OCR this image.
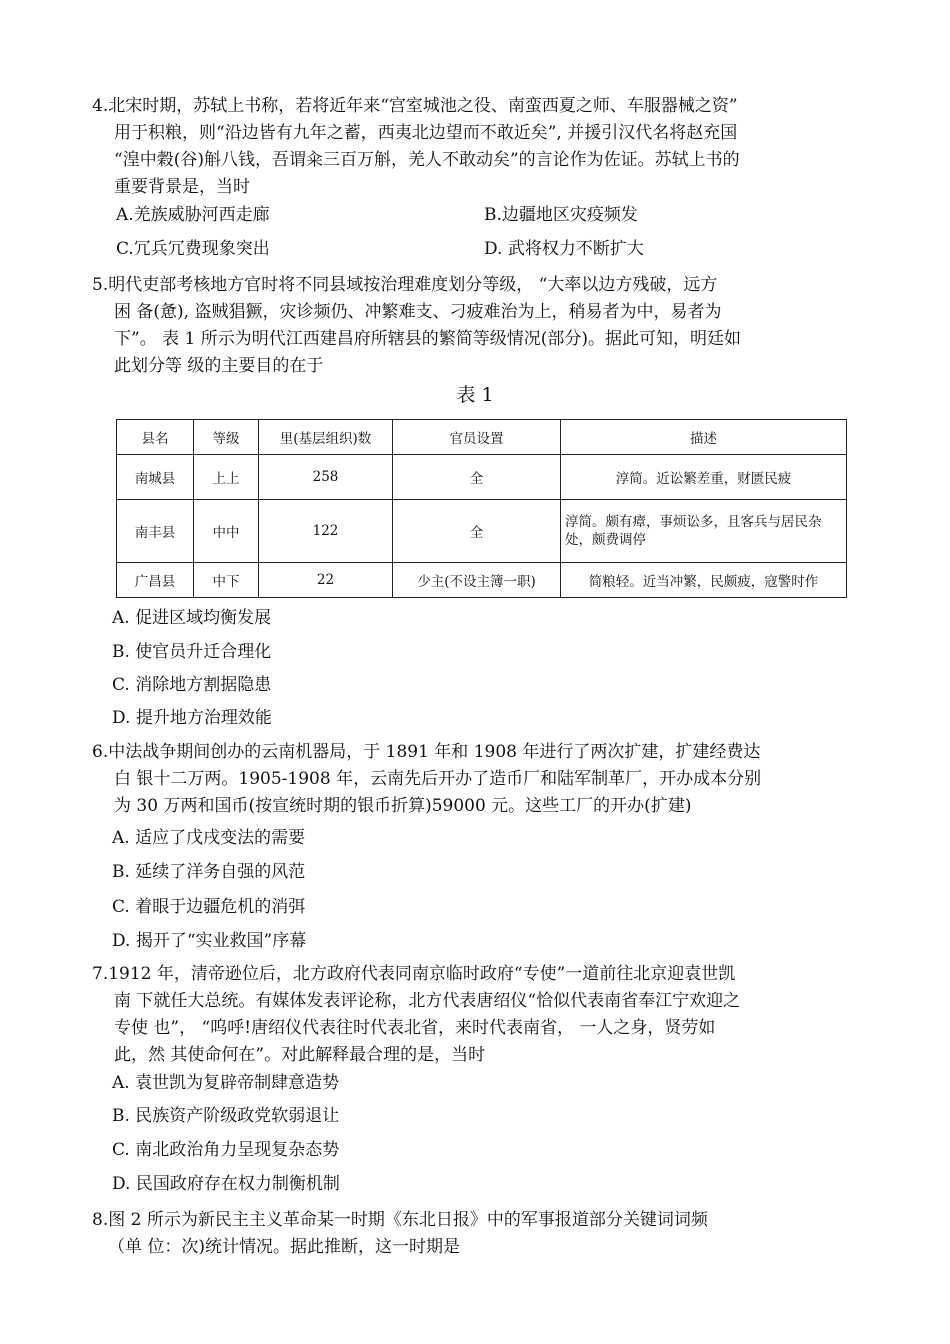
4.北宋时期，苏轼上书称，若将近年来“宫室城池之役、南蛮西夏之师、车服器械之资”
用于积粮，则“沿边皆有九年之蓄，西夷北边望而不敢近矣”, 并援引汉代名将赵充国
“湟中穀(谷)斛八钱，吾谓籴三百万斛，羌人不敢动矣”的言论作为佐证。苏轼上书的
重要背景是，当时
A.羌族威胁河西走廊	B.边疆地区灾疫频发
C.冗兵冗费现象突出	D. 武将权力不断扩大
5.明代吏部考核地方官时将不同县域按治理难度划分等级， “大率以边方残破，远方
困 备(惫), 盗贼猖獗，灾诊频仍、冲繁难支、刁疲难治为上，稍易者为中，易者为
下”。 表 1 所示为明代江西建昌府所辖县的繁简等级情况(部分)。据此可知，明廷如
此划分等 级的主要目的在于
表 1
县名	等级	里(基层组织)数	官员设置	描述
南城县	上上	258	全	淳简。近讼繁差重，财匮民疲
南丰县	中中	122	全	淳简。颇有瘴，事烦讼多，且客兵与居民杂处，颇费调停
广昌县	中下	22	少主(不设主簿一职)	简粮轻。近当冲繁，民颇疲，寇警时作
A. 促进区域均衡发展
B. 使官员升迁合理化
C. 消除地方割据隐患
D. 提升地方治理效能
6.中法战争期间创办的云南机器局，于 1891 年和 1908 年进行了两次扩建，扩建经费达
白 银十二万两。1905-1908 年，云南先后开办了造币厂和陆军制革厂，开办成本分别
为 30 万两和国币(按宣统时期的银币折算)59000 元。这些工厂的开办(扩建)
A. 适应了戊戌变法的需要
B. 延续了洋务自强的风范
C. 着眼于边疆危机的消弭
D. 揭开了“实业救国”序幕
7.1912 年，清帝逊位后，北方政府代表同南京临时政府“专使”一道前往北京迎袁世凯
南 下就任大总统。有媒体发表评论称，北方代表唐绍仪“恰似代表南省奉江宁欢迎之
专使 也”， “呜呼!唐绍仪代表往时代表北省，来时代表南省， 一人之身，贤劳如
此，然 其使命何在”。对此解释最合理的是，当时
A. 袁世凯为复辟帝制肆意造势
B. 民族资产阶级政党软弱退让
C. 南北政治角力呈现复杂态势
D. 民国政府存在权力制衡机制
8.图 2 所示为新民主主义革命某一时期《东北日报》中的军事报道部分关键词词频
（单 位：次)统计情况。据此推断，这一时期是
